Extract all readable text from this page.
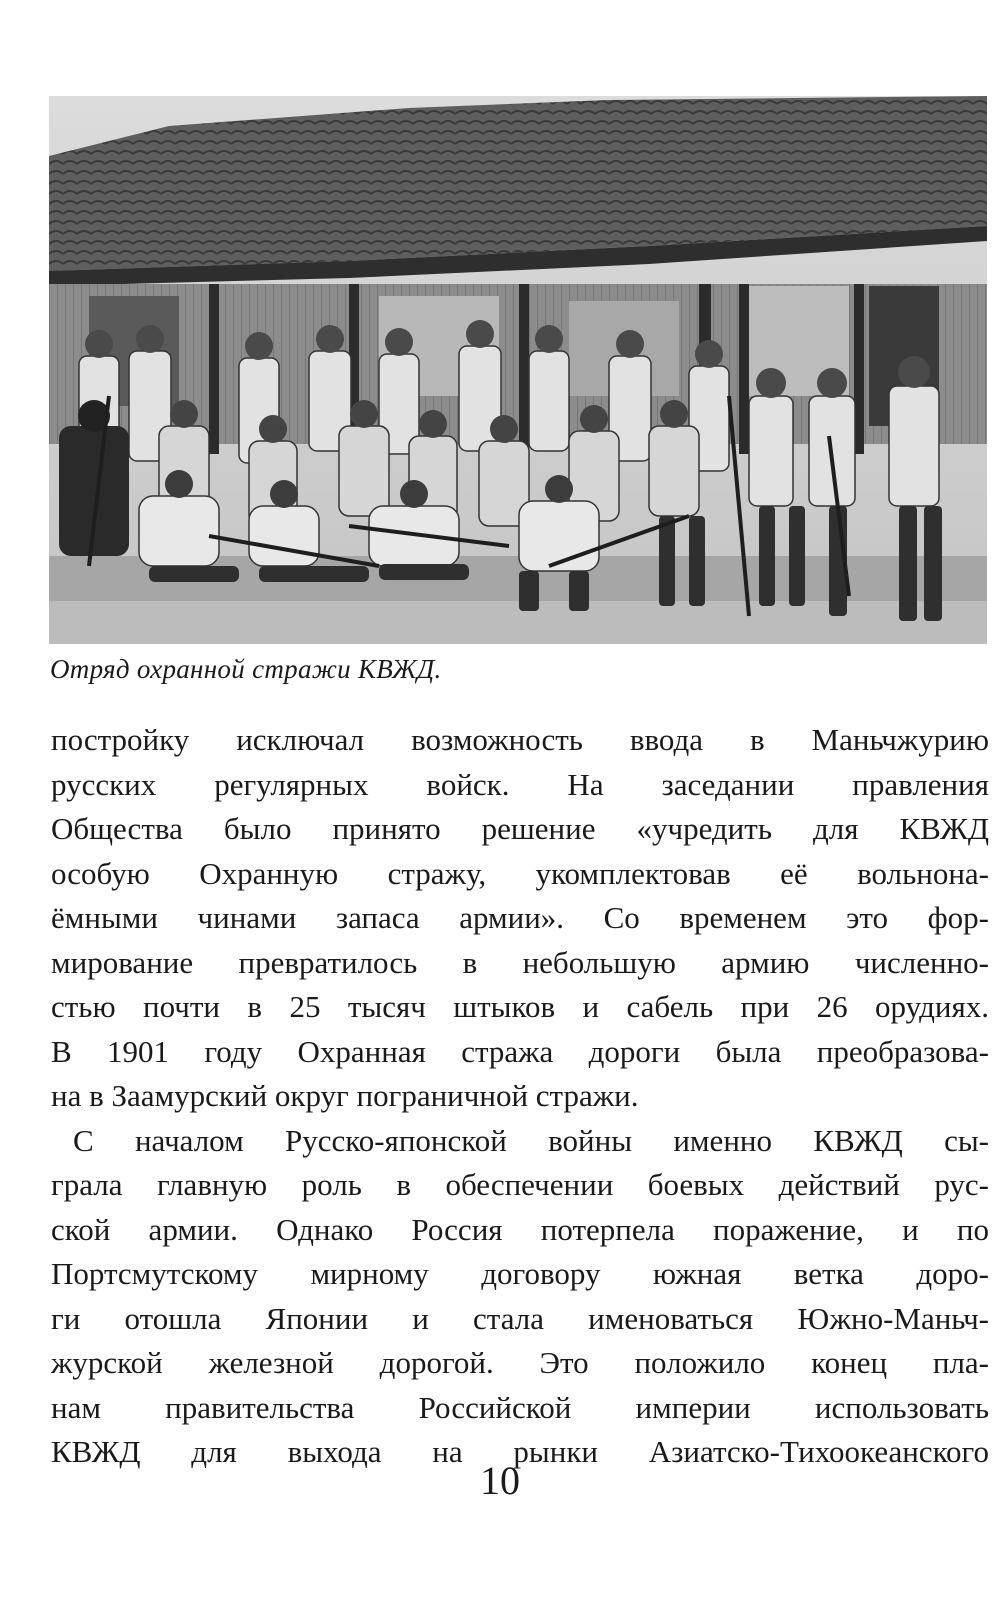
Отряд охранной стражи КВЖД.
постройку исключал возможность ввода в Маньчжурию
русских регулярных войск. На заседании правления
Общества было принято решение «учредить для КВЖД
особую Охранную стражу, укомплектовав её вольнона-
ёмными чинами запаса армии». Со временем это фор-
мирование превратилось в небольшую армию численно-
стью почти в 25 тысяч штыков и сабель при 26 орудиях.
В 1901 году Охранная стража дороги была преобразова-
на в Заамурский округ пограничной стражи.
С началом Русско-японской войны именно КВЖД сы-
грала главную роль в обеспечении боевых действий рус-
ской армии. Однако Россия потерпела поражение, и по
Портсмутскому мирному договору южная ветка доро-
ги отошла Японии и стала именоваться Южно-Маньч-
журской железной дорогой. Это положило конец пла-
нам правительства Российской империи использовать
КВЖД для выхода на рынки Азиатско-Тихоокеанского
10
